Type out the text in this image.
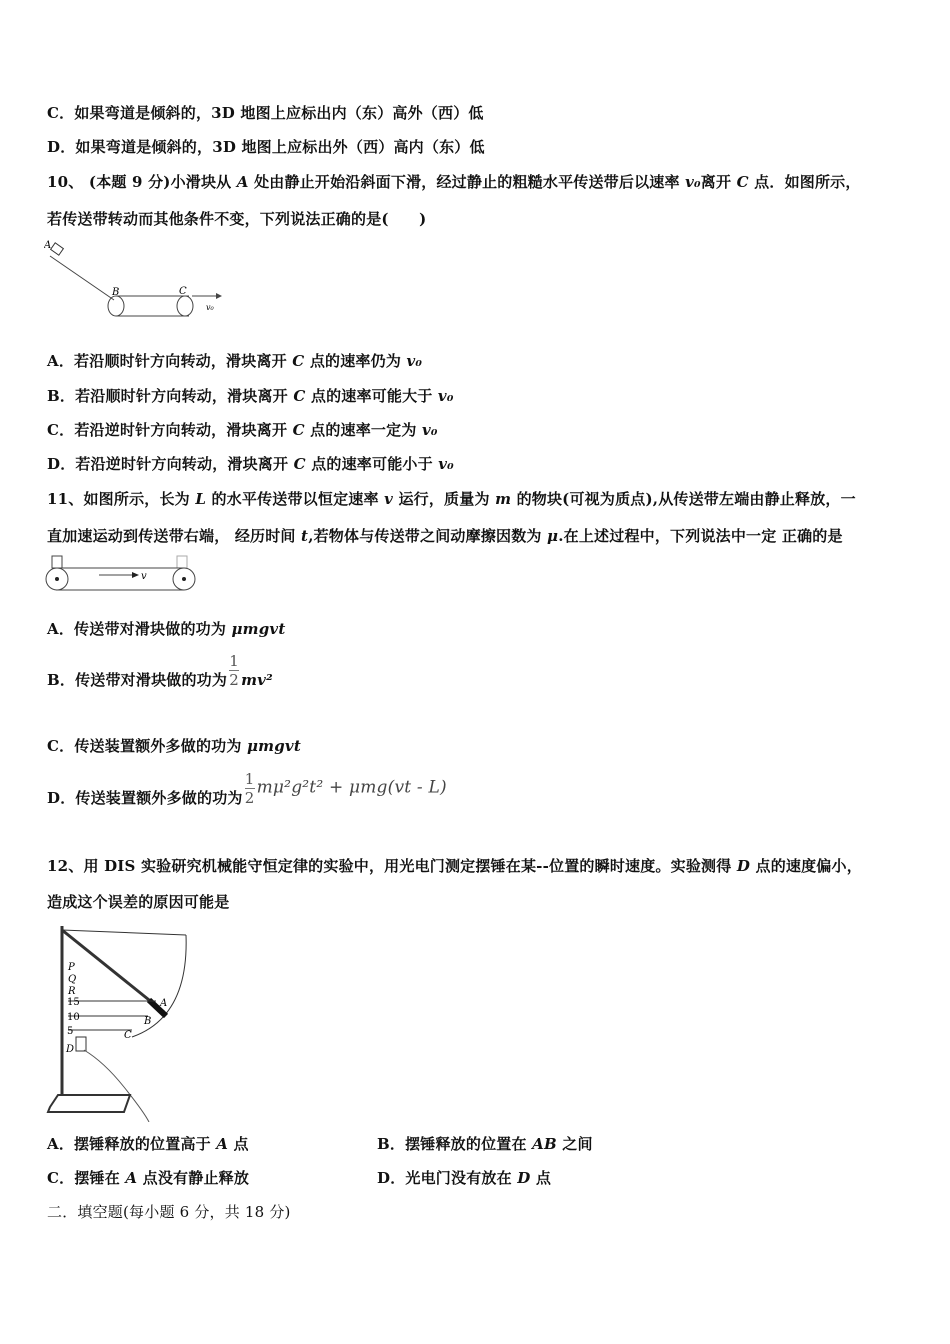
C．如果弯道是倾斜的，3D 地图上应标出内（东）高外（西）低
D．如果弯道是倾斜的，3D 地图上应标出外（西）高内（东）低
10、 (本题 9 分)小滑块从 A 处由静止开始沿斜面下滑，经过静止的粗糙水平传送带后以速率 v₀离开 C 点．如图所示，
若传送带转动而其他条件不变，下列说法正确的是(　　)
A
B	C
v₀
A．若沿顺时针方向转动，滑块离开 C 点的速率仍为 v₀
B．若沿顺时针方向转动，滑块离开 C 点的速率可能大于 v₀
C．若沿逆时针方向转动，滑块离开 C 点的速率一定为 v₀
D．若沿逆时针方向转动，滑块离开 C 点的速率可能小于 v₀
11、如图所示，长为 L 的水平传送带以恒定速率 v 运行，质量为 m 的物块(可视为质点),从传送带左端由静止释放，一
直加速运动到传送带右端， 经历时间 t,若物体与传送带之间动摩擦因数为 μ.在上述过程中，下列说法中一定 正确的是
v
A．传送带对滑块做的功为 μmgvt
B．传送带对滑块做的功为 $\frac{1}{2} mv^2$
C．传送装置额外多做的功为 μmgvt
D．传送装置额外多做的功为 $\frac{1}{2} m\mu^2g^2t^2 + \mu mg(vt - L)$
12、用 DIS 实验研究机械能守恒定律的实验中，用光电门测定摆锤在某--位置的瞬时速度。实验测得 D 点的速度偏小，
造成这个误差的原因可能是
P
Q
R
15
10
5
A
B
C
D
A．摆锤释放的位置高于 A 点	B．摆锤释放的位置在 AB 之间
C．摆锤在 A 点没有静止释放	D．光电门没有放在 D 点
二．填空题(每小题 6 分，共 18 分)
